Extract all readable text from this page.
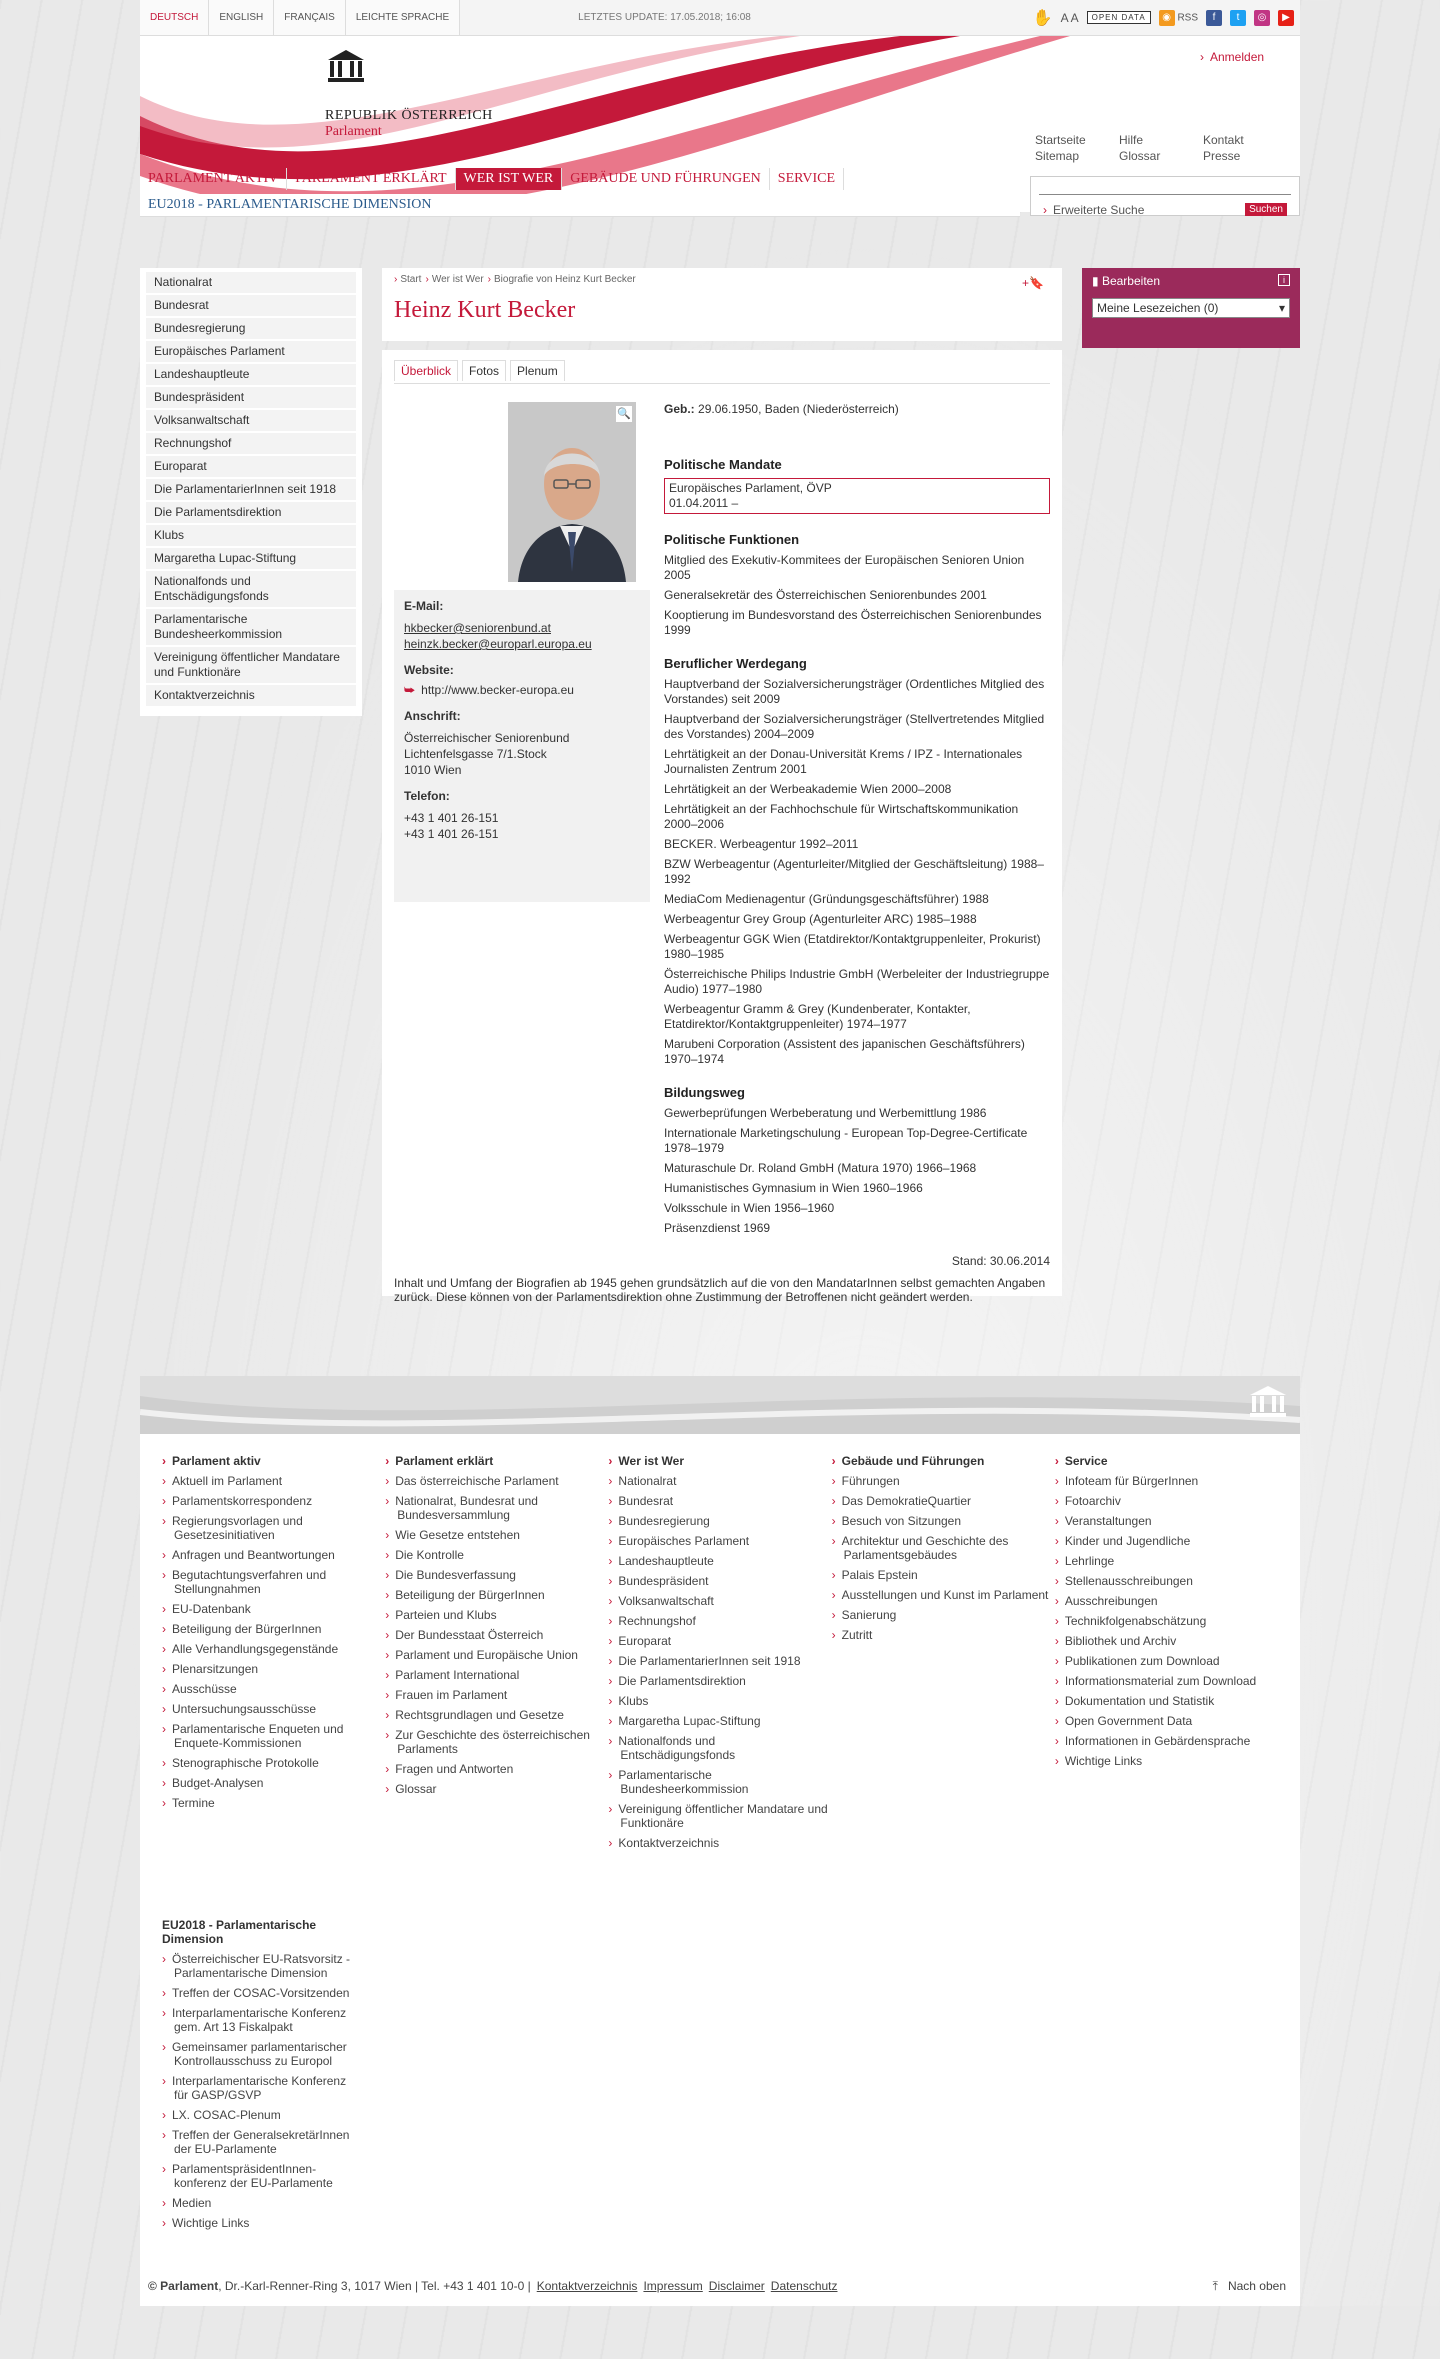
DEUTSCH	ENGLISH	FRANÇAIS	LEICHTE SPRACHE	LETZTES UPDATE: 17.05.2018; 16:08	✋ A A	OPEN DATA	◉ RSS	f	t	◎	▶
REPUBLIK ÖSTERREICH
Parlament
› Anmelden
Startseite
Sitemap
Hilfe
Glossar
Kontakt
Presse
PARLAMENT AKTIV	PARLAMENT ERKLÄRT	WER IST WER	GEBÄUDE UND FÜHRUNGEN	SERVICE
EU2018 - PARLAMENTARISCHE DIMENSION	› Erweiterte Suche	Suchen
Nationalrat
Bundesrat
Bundesregierung
Europäisches Parlament
Landeshauptleute
Bundespräsident
Volksanwaltschaft
Rechnungshof
Europarat
Die ParlamentarierInnen seit 1918
Die Parlamentsdirektion
Klubs
Margaretha Lupac-Stiftung
Nationalfonds und Entschädigungsfonds
Parlamentarische Bundesheerkommission
Vereinigung öffentlicher Mandatare und Funktionäre
Kontaktverzeichnis
› Start	› Wer ist Wer	› Biografie von Heinz Kurt Becker	+🔖
Heinz Kurt Becker
Überblick	Fotos	Plenum
🔍
E-Mail:
hkbecker@seniorenbund.at
heinzk.becker@europarl.europa.eu
Website:
⮩ http://www.becker-europa.eu
Anschrift:
Österreichischer Seniorenbund
Lichtenfelsgasse 7/1.Stock
1010 Wien
Telefon:
+43 1 401 26-151
+43 1 401 26-151

Geb.: 29.06.1950, Baden (Niederösterreich)

Politische Mandate
Europäisches Parlament, ÖVP
01.04.2011 –
Politische Funktionen

Mitglied des Exekutiv-Kommitees der Europäischen Senioren Union 2005

Generalsekretär des Österreichischen Seniorenbundes 2001

Kooptierung im Bundesvorstand des Österreichischen Seniorenbundes 1999

Beruflicher Werdegang

Hauptverband der Sozialversicherungsträger (Ordentliches Mitglied des Vorstandes) seit 2009

Hauptverband der Sozialversicherungsträger (Stellvertretendes Mitglied des Vorstandes) 2004–2009

Lehrtätigkeit an der Donau-Universität Krems / IPZ - Internationales Journalisten Zentrum 2001

Lehrtätigkeit an der Werbeakademie Wien 2000–2008

Lehrtätigkeit an der Fachhochschule für Wirtschaftskommunikation 2000–2006

BECKER. Werbeagentur 1992–2011

BZW Werbeagentur (Agenturleiter/Mitglied der Geschäftsleitung) 1988–1992

MediaCom Medienagentur (Gründungsgeschäftsführer) 1988

Werbeagentur Grey Group (Agenturleiter ARC) 1985–1988

Werbeagentur GGK Wien (Etatdirektor/Kontaktgruppenleiter, Prokurist) 1980–1985

Österreichische Philips Industrie GmbH (Werbeleiter der Industriegruppe Audio) 1977–1980

Werbeagentur Gramm & Grey (Kundenberater, Kontakter, Etatdirektor/Kontaktgruppenleiter) 1974–1977

Marubeni Corporation (Assistent des japanischen Geschäftsführers) 1970–1974

Bildungsweg

Gewerbeprüfungen Werbeberatung und Werbemittlung 1986

Internationale Marketingschulung - European Top-Degree-Certificate 1978–1979

Maturaschule Dr. Roland GmbH (Matura 1970) 1966–1968

Humanistisches Gymnasium in Wien 1960–1966

Volksschule in Wien 1956–1960

Präsenzdienst 1969

Stand: 30.06.2014
Inhalt und Umfang der Biografien ab 1945 gehen grundsätzlich auf die von den MandatarInnen selbst gemachten Angaben zurück. Diese können von der Parlamentsdirektion ohne Zustimmung der Betroffenen nicht geändert werden.
▮ Bearbeiten	i
Meine Lesezeichen (0)	▾
› Parlament aktiv
› Aktuell im Parlament
› Parlamentskorrespondenz
› Regierungsvorlagen und Gesetzesinitiativen
› Anfragen und Beantwortungen
› Begutachtungsverfahren und Stellungnahmen
› EU-Datenbank
› Beteiligung der BürgerInnen
› Alle Verhandlungsgegenstände
› Plenarsitzungen
› Ausschüsse
› Untersuchungsausschüsse
› Parlamentarische Enqueten und Enquete-Kommissionen
› Stenographische Protokolle
› Budget-Analysen
› Termine
› Parlament erklärt
› Das österreichische Parlament
› Nationalrat, Bundesrat und Bundesversammlung
› Wie Gesetze entstehen
› Die Kontrolle
› Die Bundesverfassung
› Beteiligung der BürgerInnen
› Parteien und Klubs
› Der Bundesstaat Österreich
› Parlament und Europäische Union
› Parlament International
› Frauen im Parlament
› Rechtsgrundlagen und Gesetze
› Zur Geschichte des österreichischen Parlaments
› Fragen und Antworten
› Glossar
› Wer ist Wer
› Nationalrat
› Bundesrat
› Bundesregierung
› Europäisches Parlament
› Landeshauptleute
› Bundespräsident
› Volksanwaltschaft
› Rechnungshof
› Europarat
› Die ParlamentarierInnen seit 1918
› Die Parlamentsdirektion
› Klubs
› Margaretha Lupac-Stiftung
› Nationalfonds und Entschädigungsfonds
› Parlamentarische Bundesheerkommission
› Vereinigung öffentlicher Mandatare und Funktionäre
› Kontaktverzeichnis
› Gebäude und Führungen
› Führungen
› Das DemokratieQuartier
› Besuch von Sitzungen
› Architektur und Geschichte des Parlamentsgebäudes
› Palais Epstein
› Ausstellungen und Kunst im Parlament
› Sanierung
› Zutritt
› Service
› Infoteam für BürgerInnen
› Fotoarchiv
› Veranstaltungen
› Kinder und Jugendliche
› Lehrlinge
› Stellenausschreibungen
› Ausschreibungen
› Technikfolgenabschätzung
› Bibliothek und Archiv
› Publikationen zum Download
› Informationsmaterial zum Download
› Dokumentation und Statistik
› Open Government Data
› Informationen in Gebärdensprache
› Wichtige Links
EU2018 - Parlamentarische Dimension
› Österreichischer EU-Ratsvorsitz - Parlamentarische Dimension
› Treffen der COSAC-Vorsitzenden
› Interparlamentarische Konferenz gem. Art 13 Fiskalpakt
› Gemeinsamer parlamentarischer Kontrollausschuss zu Europol
› Interparlamentarische Konferenz für GASP/GSVP
› LX. COSAC-Plenum
› Treffen der GeneralsekretärInnen der EU-Parlamente
› ParlamentspräsidentInnen-konferenz der EU-Parlamente
› Medien
› Wichtige Links
© Parlament, Dr.-Karl-Renner-Ring 3, 1017 Wien | Tel. +43 1 401 10-0 | Kontaktverzeichnis Impressum Disclaimer Datenschutz	⤒ Nach oben
